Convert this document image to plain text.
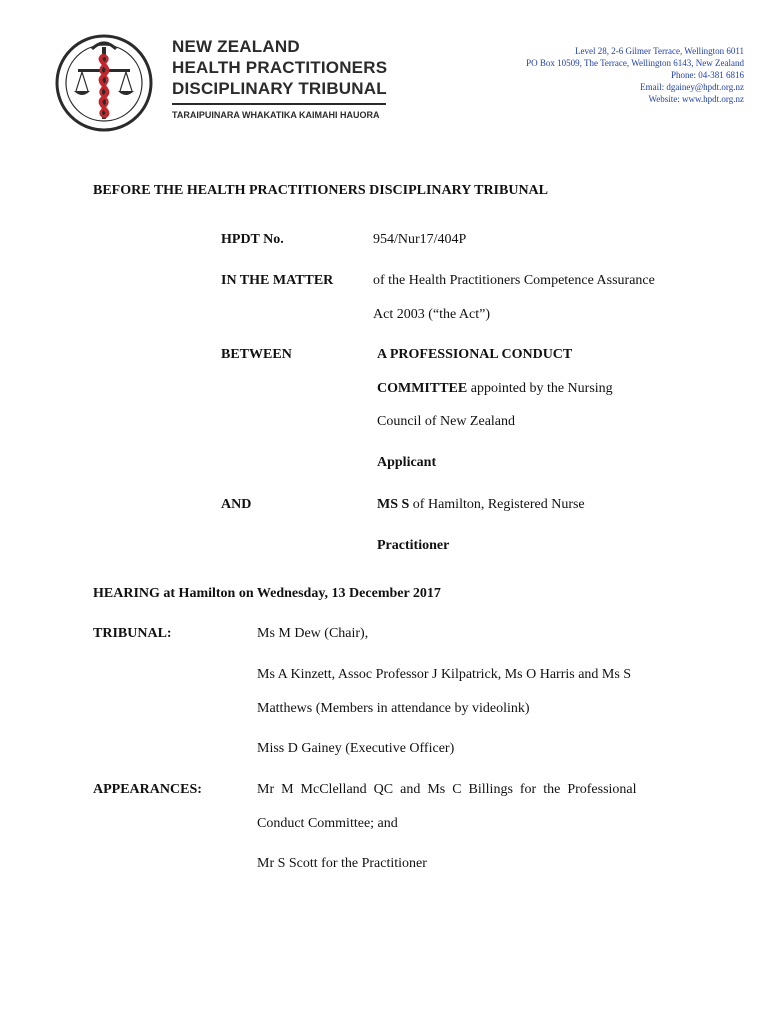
NEW ZEALAND
HEALTH PRACTITIONERS
DISCIPLINARY TRIBUNAL
TARAIPUINARA WHAKATIKA KAIMAHI HAUORA
Level 28, 2-6 Gilmer Terrace, Wellington 6011
PO Box 10509, The Terrace, Wellington 6143, New Zealand
Phone: 04-381 6816
Email: dgainey@hpdt.org.nz
Website: www.hpdt.org.nz
BEFORE THE HEALTH PRACTITIONERS DISCIPLINARY TRIBUNAL
HPDT No.	954/Nur17/404P
IN THE MATTER	of the Health Practitioners Competence Assurance
Act 2003 (“the Act”)
BETWEEN	A PROFESSIONAL CONDUCT
COMMITTEE appointed by the Nursing
Council of New Zealand
Applicant
AND	MS S of Hamilton, Registered Nurse
Practitioner
HEARING at Hamilton on Wednesday, 13 December 2017
TRIBUNAL:	Ms M Dew (Chair),
Ms A Kinzett, Assoc Professor J Kilpatrick, Ms O Harris and Ms S
Matthews (Members in attendance by videolink)
Miss D Gainey (Executive Officer)
APPEARANCES:	Mr  M  McClelland  QC  and  Ms  C  Billings  for  the  Professional
Conduct Committee; and
Mr S Scott for the Practitioner
